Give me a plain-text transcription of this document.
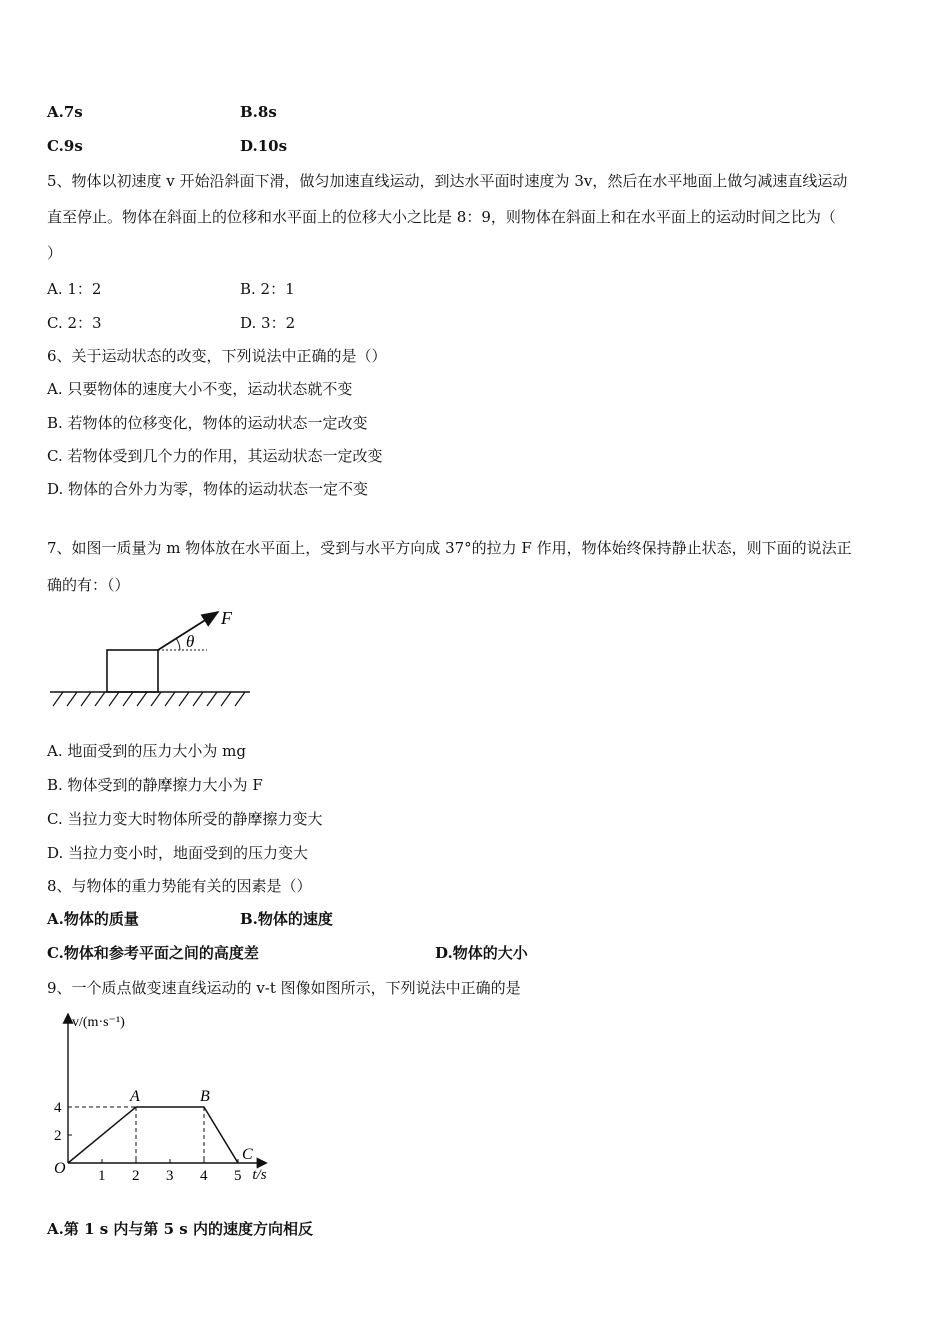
A.7s	B.8s
C.9s	D.10s
5、物体以初速度 v 开始沿斜面下滑，做匀加速直线运动，到达水平面时速度为 3v，然后在水平地面上做匀减速直线运动
直至停止。物体在斜面上的位移和水平面上的位移大小之比是 8：9，则物体在斜面上和在水平面上的运动时间之比为（
）
A. 1：2	B. 2：1
C. 2：3	D. 3：2
6、关于运动状态的改变，下列说法中正确的是（）
A. 只要物体的速度大小不变，运动状态就不变
B. 若物体的位移变化，物体的运动状态一定改变
C. 若物体受到几个力的作用，其运动状态一定改变
D. 物体的合外力为零，物体的运动状态一定不变
7、如图一质量为 m 物体放在水平面上，受到与水平方向成 37°的拉力 F 作用，物体始终保持静止状态，则下面的说法正
确的有：（）
θ
F
A. 地面受到的压力大小为 mg
B. 物体受到的静摩擦力大小为 F
C. 当拉力变大时物体所受的静摩擦力变大
D. 当拉力变小时，地面受到的压力变大
8、与物体的重力势能有关的因素是（）
A.物体的质量	B.物体的速度
C.物体和参考平面之间的高度差	D.物体的大小
9、一个质点做变速直线运动的 v-t 图像如图所示，下列说法中正确的是
1 2 3 4 5
2
4
v/(m·s⁻¹)
t/s
O
A	B
C
A.第 1 s 内与第 5 s 内的速度方向相反
